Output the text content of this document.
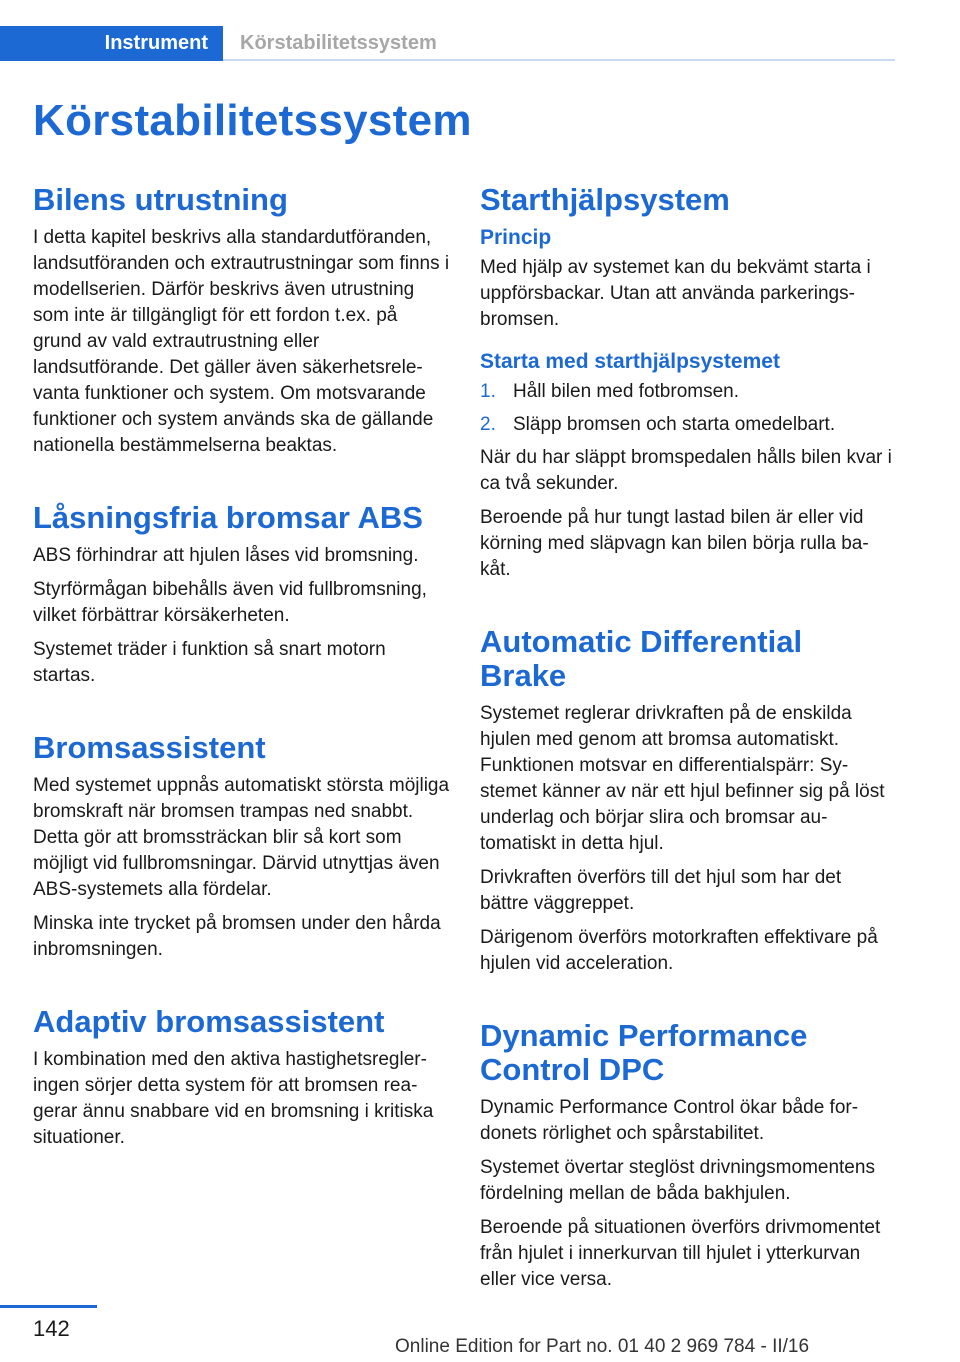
Instrument	Körstabilitetssystem
Körstabilitetssystem
Bilens utrustning

I detta kapitel beskrivs alla standardutföranden, landsutföranden och extrautrustningar som finns i modellserien. Därför beskrivs även utrustning som inte är tillgängligt för ett fordon t.ex. på grund av vald extrautrustning eller landsutförande. Det gäller även säkerhetsrelevanta funktioner och system. Om motsvarande funktioner och system används ska de gällande nationella bestämmelserna beaktas.

Låsningsfria bromsar ABS

ABS förhindrar att hjulen låses vid bromsning.

Styrförmågan bibehålls även vid fullbromsning, vilket förbättrar körsäkerheten.

Systemet träder i funktion så snart motorn startas.

Bromsassistent

Med systemet uppnås automatiskt största möjliga bromskraft när bromsen trampas ned snabbt. Detta gör att bromssträckan blir så kort som möjligt vid fullbromsningar. Därvid utnyttjas även ABS-systemets alla fördelar.

Minska inte trycket på bromsen under den hårda inbromsningen.

Adaptiv bromsassistent

I kombination med den aktiva hastighetsregleringen sörjer detta system för att bromsen reagerar ännu snabbare vid en bromsning i kritiska situationer.

Starthjälpsystem
Princip

Med hjälp av systemet kan du bekvämt starta i uppförsbackar. Utan att använda parkeringsbromsen.

Starta med starthjälpsystemet
1. Håll bilen med fotbromsen.
2. Släpp bromsen och starta omedelbart.

När du har släppt bromspedalen hålls bilen kvar i ca två sekunder.

Beroende på hur tungt lastad bilen är eller vid körning med släpvagn kan bilen börja rulla bakåt.

Automatic Differential Brake

Systemet reglerar drivkraften på de enskilda hjulen med genom att bromsa automatiskt. Funktionen motsvar en differentialspärr: Systemet känner av när ett hjul befinner sig på löst underlag och börjar slira och bromsar automatiskt in detta hjul.

Drivkraften överförs till det hjul som har det bättre väggreppet.

Därigenom överförs motorkraften effektivare på hjulen vid acceleration.

Dynamic Performance Control DPC

Dynamic Performance Control ökar både fordonets rörlighet och spårstabilitet.

Systemet övertar steglöst drivningsmomentens fördelning mellan de båda bakhjulen.

Beroende på situationen överförs drivmomentet från hjulet i innerkurvan till hjulet i ytterkurvan eller vice versa.

142
Online Edition for Part no. 01 40 2 969 784 - II/16
